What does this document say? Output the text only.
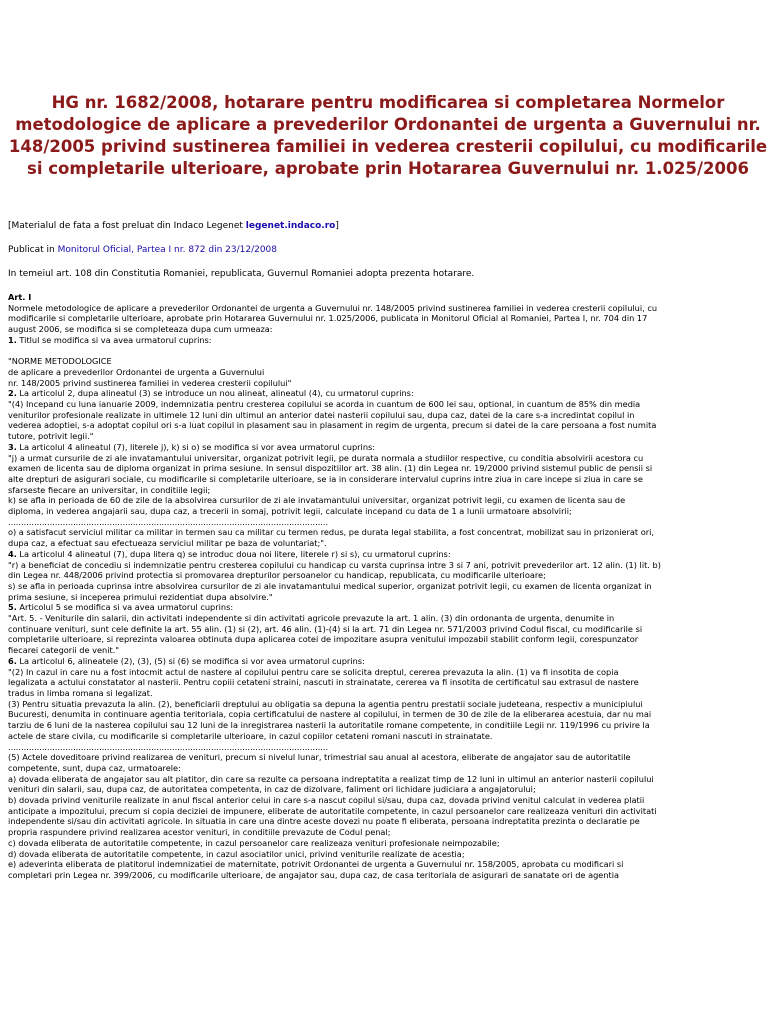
HG nr. 1682/2008, hotarare pentru modificarea si completarea Normelor metodologice de aplicare a prevederilor Ordonantei de urgenta a Guvernului nr. 148/2005 privind sustinerea familiei in vederea cresterii copilului, cu modificarile si completarile ulterioare, aprobate prin Hotararea Guvernului nr. 1.025/2006

[Materialul de fata a fost preluat din Indaco Legenet legenet.indaco.ro]

Publicat in Monitorul Oficial, Partea I nr. 872 din 23/12/2008

In temeiul art. 108 din Constitutia Romaniei, republicata, Guvernul Romaniei adopta prezenta hotarare.

Art. I

Normele metodologice de aplicare a prevederilor Ordonantei de urgenta a Guvernului nr. 148/2005 privind sustinerea familiei in vederea cresterii copilului, cu

modificarile si completarile ulterioare, aprobate prin Hotararea Guvernului nr. 1.025/2006, publicata in Monitorul Oficial al Romaniei, Partea I, nr. 704 din 17

august 2006, se modifica si se completeaza dupa cum urmeaza:

1. Titlul se modifica si va avea urmatorul cuprins:

"NORME METODOLOGICE

de aplicare a prevederilor Ordonantei de urgenta a Guvernului

nr. 148/2005 privind sustinerea familiei in vederea cresterii copilului"

2. La articolul 2, dupa alineatul (3) se introduce un nou alineat, alineatul (4), cu urmatorul cuprins:

"(4) Incepand cu luna ianuarie 2009, indemnizatia pentru cresterea copilului se acorda in cuantum de 600 lei sau, optional, in cuantum de 85% din media

veniturilor profesionale realizate in ultimele 12 luni din ultimul an anterior datei nasterii copilului sau, dupa caz, datei de la care s-a incredintat copilul in

vederea adoptiei, s-a adoptat copilul ori s-a luat copilul in plasament sau in plasament in regim de urgenta, precum si datei de la care persoana a fost numita

tutore, potrivit legii."

3. La articolul 4 alineatul (7), literele j), k) si o) se modifica si vor avea urmatorul cuprins:

"j) a urmat cursurile de zi ale invatamantului universitar, organizat potrivit legii, pe durata normala a studiilor respective, cu conditia absolvirii acestora cu

examen de licenta sau de diploma organizat in prima sesiune. In sensul dispozitiilor art. 38 alin. (1) din Legea nr. 19/2000 privind sistemul public de pensii si

alte drepturi de asigurari sociale, cu modificarile si completarile ulterioare, se ia in considerare intervalul cuprins intre ziua in care incepe si ziua in care se

sfarseste fiecare an universitar, in conditiile legii;

k) se afla in perioada de 60 de zile de la absolvirea cursurilor de zi ale invatamantului universitar, organizat potrivit legii, cu examen de licenta sau de

diploma, in vederea angajarii sau, dupa caz, a trecerii in somaj, potrivit legii, calculate incepand cu data de 1 a lunii urmatoare absolvirii;

...........................................................................................................................

o) a satisfacut serviciul militar ca militar in termen sau ca militar cu termen redus, pe durata legal stabilita, a fost concentrat, mobilizat sau in prizonierat ori,

dupa caz, a efectuat sau efectueaza serviciul militar pe baza de voluntariat;".

4. La articolul 4 alineatul (7), dupa litera q) se introduc doua noi litere, literele r) si s), cu urmatorul cuprins:

"r) a beneficiat de concediu si indemnizatie pentru cresterea copilului cu handicap cu varsta cuprinsa intre 3 si 7 ani, potrivit prevederilor art. 12 alin. (1) lit. b)

din Legea nr. 448/2006 privind protectia si promovarea drepturilor persoanelor cu handicap, republicata, cu modificarile ulterioare;

s) se afla in perioada cuprinsa intre absolvirea cursurilor de zi ale invatamantului medical superior, organizat potrivit legii, cu examen de licenta organizat in

prima sesiune, si inceperea primului rezidentiat dupa absolvire."

5. Articolul 5 se modifica si va avea urmatorul cuprins:

"Art. 5. - Veniturile din salarii, din activitati independente si din activitati agricole prevazute la art. 1 alin. (3) din ordonanta de urgenta, denumite in

continuare venituri, sunt cele definite la art. 55 alin. (1) si (2), art. 46 alin. (1)-(4) si la art. 71 din Legea nr. 571/2003 privind Codul fiscal, cu modificarile si

completarile ulterioare, si reprezinta valoarea obtinuta dupa aplicarea cotei de impozitare asupra venitului impozabil stabilit conform legii, corespunzator

fiecarei categorii de venit."

6. La articolul 6, alineatele (2), (3), (5) si (6) se modifica si vor avea urmatorul cuprins:

"(2) In cazul in care nu a fost intocmit actul de nastere al copilului pentru care se solicita dreptul, cererea prevazuta la alin. (1) va fi insotita de copia

legalizata a actului constatator al nasterii. Pentru copiii cetateni straini, nascuti in strainatate, cererea va fi insotita de certificatul sau extrasul de nastere

tradus in limba romana si legalizat.

(3) Pentru situatia prevazuta la alin. (2), beneficiarii dreptului au obligatia sa depuna la agentia pentru prestatii sociale judeteana, respectiv a municipiului

Bucuresti, denumita in continuare agentia teritoriala, copia certificatului de nastere al copilului, in termen de 30 de zile de la eliberarea acestuia, dar nu mai

tarziu de 6 luni de la nasterea copilului sau 12 luni de la inregistrarea nasterii la autoritatile romane competente, in conditiile Legii nr. 119/1996 cu privire la

actele de stare civila, cu modificarile si completarile ulterioare, in cazul copiilor cetateni romani nascuti in strainatate.

...........................................................................................................................

(5) Actele doveditoare privind realizarea de venituri, precum si nivelul lunar, trimestrial sau anual al acestora, eliberate de angajator sau de autoritatile

competente, sunt, dupa caz, urmatoarele:

a) dovada eliberata de angajator sau alt platitor, din care sa rezulte ca persoana indreptatita a realizat timp de 12 luni in ultimul an anterior nasterii copilului

venituri din salarii, sau, dupa caz, de autoritatea competenta, in caz de dizolvare, faliment ori lichidare judiciara a angajatorului;

b) dovada privind veniturile realizate in anul fiscal anterior celui in care s-a nascut copilul si/sau, dupa caz, dovada privind venitul calculat in vederea platii

anticipate a impozitului, precum si copia deciziei de impunere, eliberate de autoritatile competente, in cazul persoanelor care realizeaza venituri din activitati

independente si/sau din activitati agricole. In situatia in care una dintre aceste dovezi nu poate fi eliberata, persoana indreptatita prezinta o declaratie pe

propria raspundere privind realizarea acestor venituri, in conditiile prevazute de Codul penal;

c) dovada eliberata de autoritatile competente, in cazul persoanelor care realizeaza venituri profesionale neimpozabile;

d) dovada eliberata de autoritatile competente, in cazul asociatilor unici, privind veniturile realizate de acestia;

e) adeverinta eliberata de platitorul indemnizatiei de maternitate, potrivit Ordonantei de urgenta a Guvernului nr. 158/2005, aprobata cu modificari si

completari prin Legea nr. 399/2006, cu modificarile ulterioare, de angajator sau, dupa caz, de casa teritoriala de asigurari de sanatate ori de agentia
